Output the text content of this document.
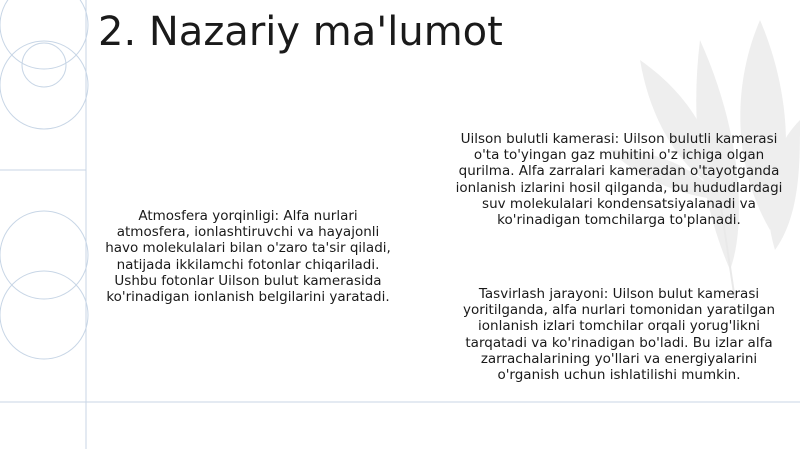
2. Nazariy ma'lumot

Atmosfera yorqinligi: Alfa nurlari atmosfera, ionlashtiruvchi va hayajonli havo molekulalari bilan o'zaro ta'sir qiladi, natijada ikkilamchi fotonlar chiqariladi. Ushbu fotonlar Uilson bulut kamerasida ko'rinadigan ionlanish belgilarini yaratadi.

Uilson bulutli kamerasi: Uilson bulutli kamerasi o'ta to'yingan gaz muhitini o'z ichiga olgan qurilma. Alfa zarralari kameradan o'tayotganda ionlanish izlarini hosil qilganda, bu hududlardagi suv molekulalari kondensatsiyalanadi va ko'rinadigan tomchilarga to'planadi.

Tasvirlash jarayoni: Uilson bulut kamerasi yoritilganda, alfa nurlari tomonidan yaratilgan ionlanish izlari tomchilar orqali yorug'likni tarqatadi va ko'rinadigan bo'ladi. Bu izlar alfa zarrachalarining yo'llari va energiyalarini o'rganish uchun ishlatilishi mumkin.
